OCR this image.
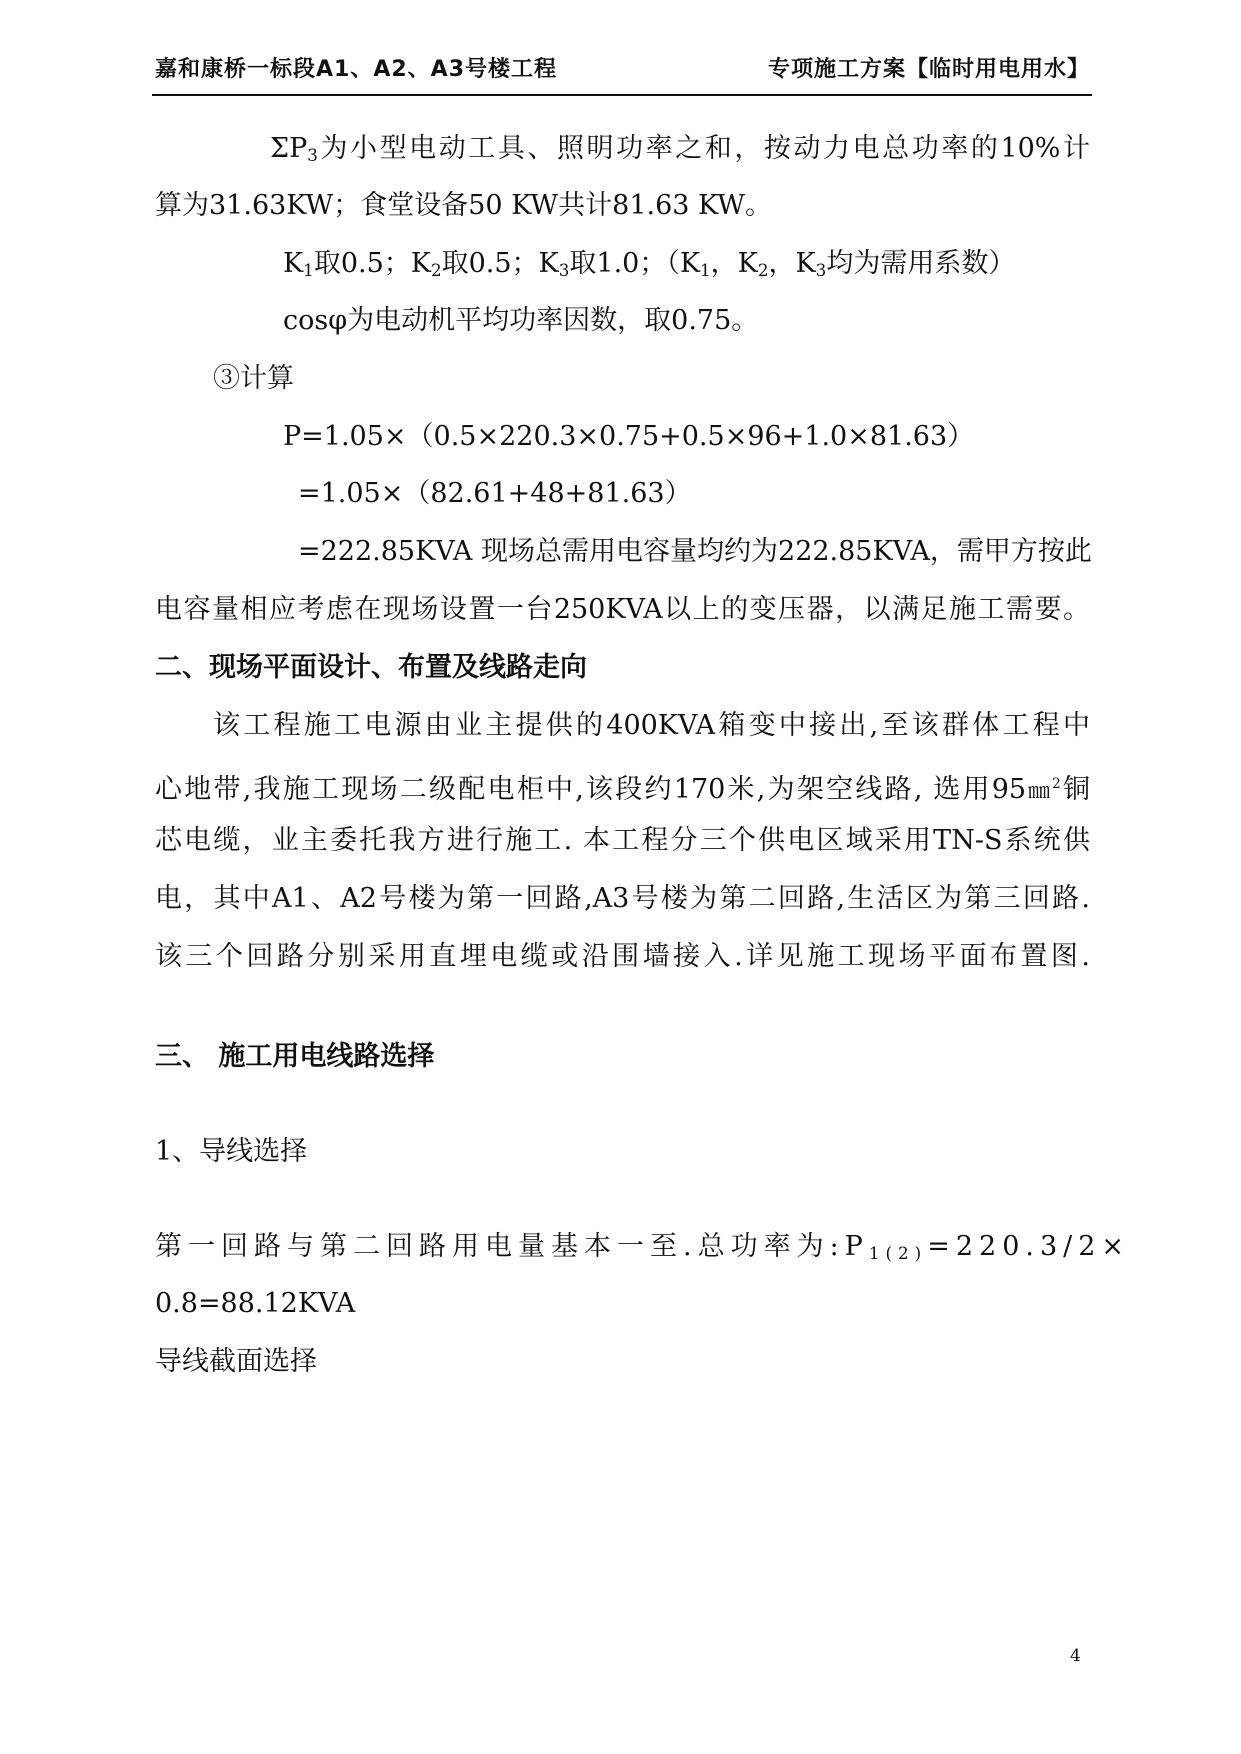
嘉和康桥一标段A1、A2、A3号楼工程	专项施工方案【临时用电用水】
$\Sigma P_3$为小型电动工具、照明功率之和，按动力电总功率的10%计
算为31.63KW；食堂设备50 KW共计81.63 KW。
$K_1$取0.5；$K_2$取0.5；$K_3$取1.0；（$K_1$，$K_2$，$K_3$均为需用系数）
cosφ为电动机平均功率因数，取0.75。
③计算
P=1.05×（0.5×220.3×0.75+0.5×96+1.0×81.63）
=1.05×（82.61+48+81.63）
=222.85KVA 现场总需用电容量均约为222.85KVA，需甲方按此
电容量相应考虑在现场设置一台250KVA以上的变压器，以满足施工需要。
二、现场平面设计、布置及线路走向
该工程施工电源由业主提供的400KVA箱变中接出,至该群体工程中
心地带,我施工现场二级配电柜中,该段约170米,为架空线路, 选用95㎜$^2$铜
芯电缆，业主委托我方进行施工. 本工程分三个供电区域采用TN-S系统供
电，其中A1、A2号楼为第一回路,A3号楼为第二回路,生活区为第三回路.
该三个回路分别采用直埋电缆或沿围墙接入.详见施工现场平面布置图.
三、 施工用电线路选择
1、导线选择
第一回路与第二回路用电量基本一至.总功率为$:P_{1(2)}=220.3/2\times$
0.8=88.12KVA
导线截面选择
4
